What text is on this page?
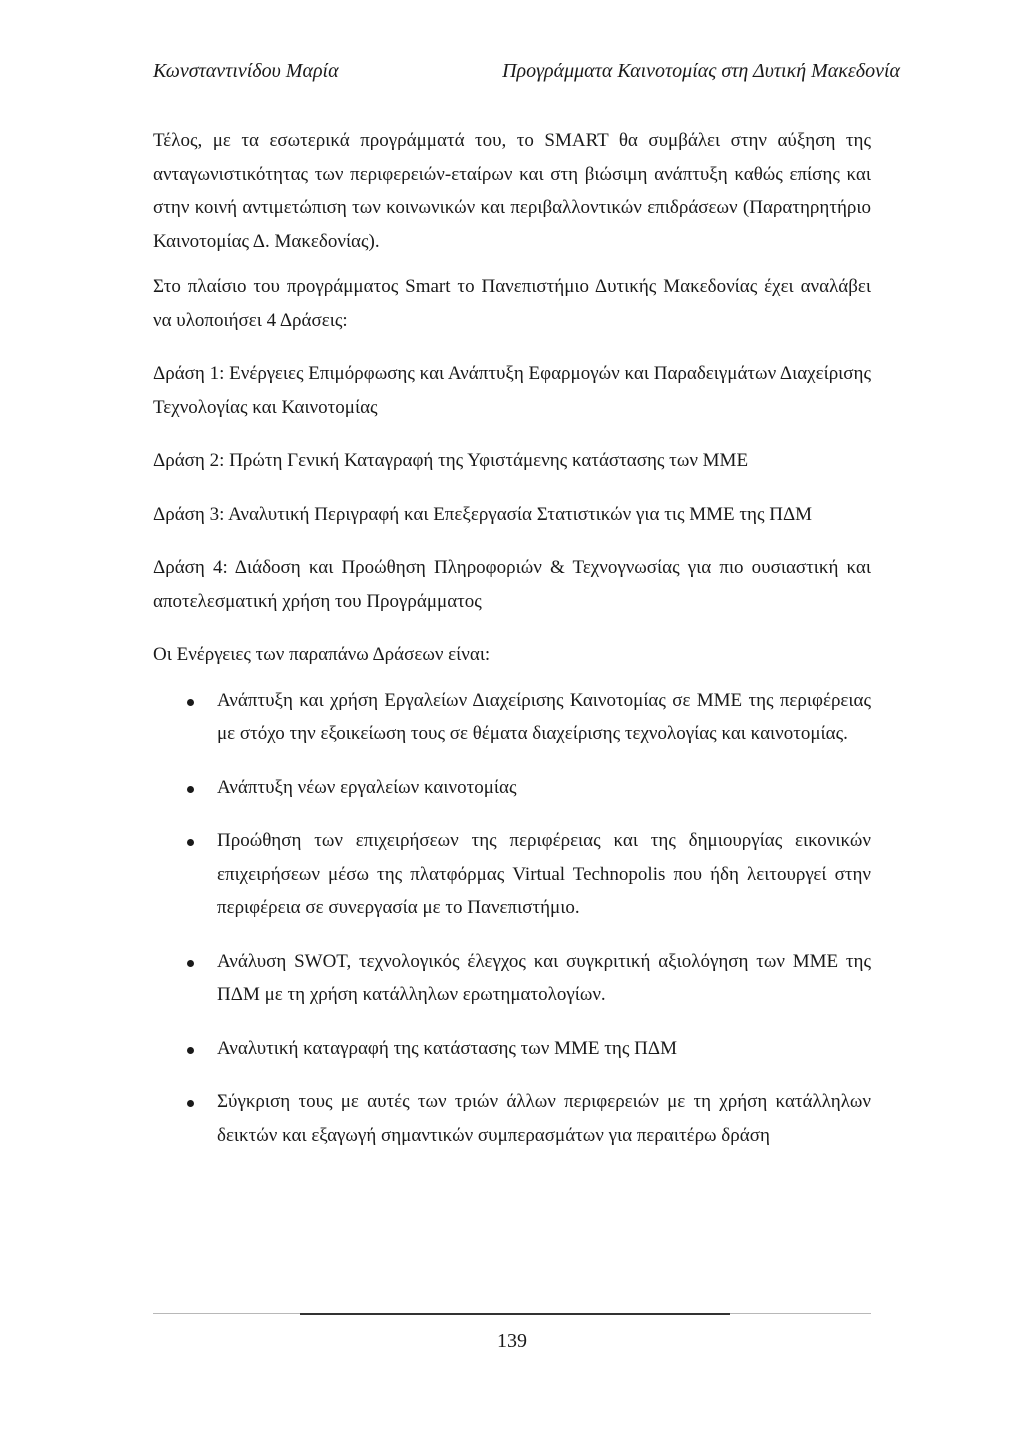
Κωνσταντινίδου Μαρία	Προγράμματα Καινοτομίας στη Δυτική Μακεδονία

Τέλος, με τα εσωτερικά προγράμματά του, το SMART θα συμβάλει στην αύξηση της ανταγωνιστικότητας των περιφερειών-εταίρων και στη βιώσιμη ανάπτυξη καθώς επίσης και στην κοινή αντιμετώπιση των κοινωνικών και περιβαλλοντικών επιδράσεων (Παρατηρητήριο Καινοτομίας Δ. Μακεδονίας).

Στο πλαίσιο του προγράμματος Smart το Πανεπιστήμιο Δυτικής Μακεδονίας έχει αναλάβει να υλοποιήσει 4 Δράσεις:

Δράση 1: Ενέργειες Επιμόρφωσης και Ανάπτυξη Εφαρμογών και Παραδειγμάτων Διαχείρισης Τεχνολογίας και Καινοτομίας

Δράση 2: Πρώτη Γενική Καταγραφή της Υφιστάμενης κατάστασης των ΜΜΕ

Δράση 3: Αναλυτική Περιγραφή και Επεξεργασία Στατιστικών για τις ΜΜΕ της ΠΔΜ

Δράση 4: Διάδοση και Προώθηση Πληροφοριών & Τεχνογνωσίας για πιο ουσιαστική και αποτελεσματική χρήση του Προγράμματος

Οι Ενέργειες των παραπάνω Δράσεων είναι:

Ανάπτυξη και χρήση Εργαλείων Διαχείρισης Καινοτομίας σε ΜΜΕ της περιφέρειας με στόχο την εξοικείωση τους σε θέματα διαχείρισης τεχνολογίας και καινοτομίας.
Ανάπτυξη νέων εργαλείων καινοτομίας
Προώθηση των επιχειρήσεων της περιφέρειας και της δημιουργίας εικονικών επιχειρήσεων μέσω της πλατφόρμας Virtual Technopolis που ήδη λειτουργεί στην περιφέρεια σε συνεργασία με το Πανεπιστήμιο.
Ανάλυση SWOT, τεχνολογικός έλεγχος και συγκριτική αξιολόγηση των ΜΜΕ της ΠΔΜ με τη χρήση κατάλληλων ερωτηματολογίων.
Αναλυτική καταγραφή της κατάστασης των ΜΜΕ της ΠΔΜ
Σύγκριση τους με αυτές των τριών άλλων περιφερειών με τη χρήση κατάλληλων δεικτών και εξαγωγή σημαντικών συμπερασμάτων για περαιτέρω δράση
139
